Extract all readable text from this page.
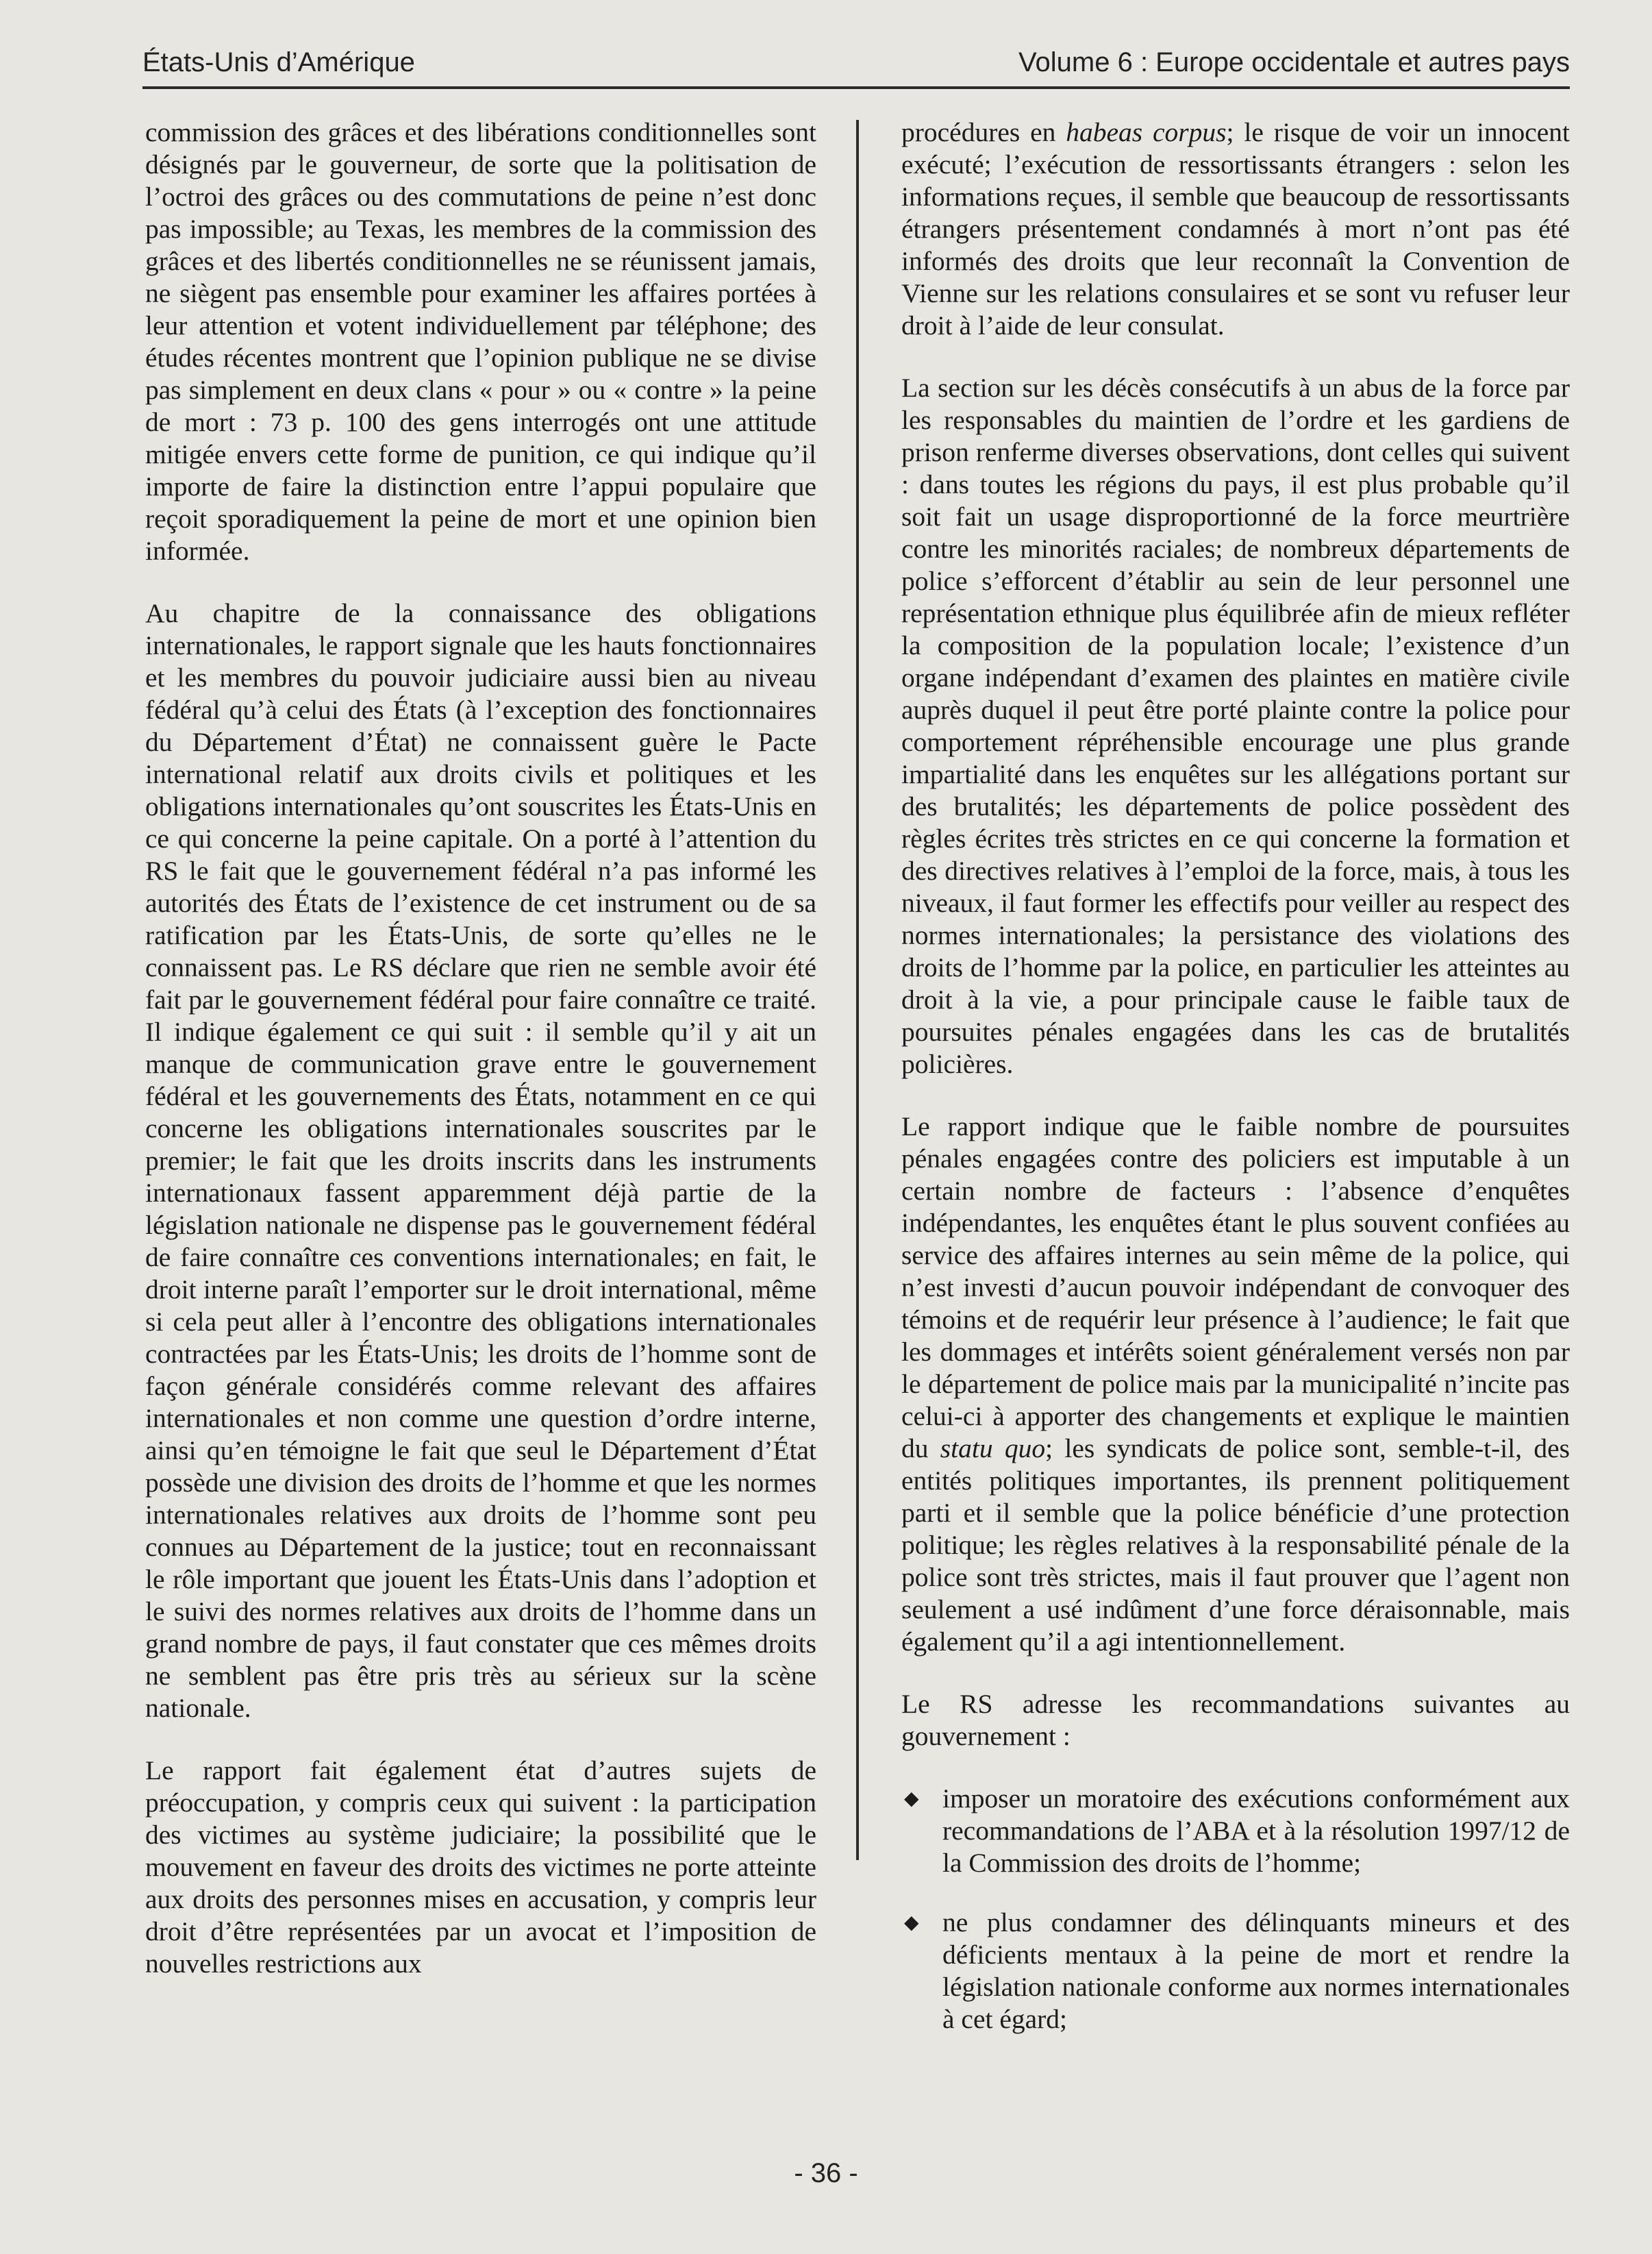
États-Unis d’Amérique	Volume 6 : Europe occidentale et autres pays

commission des grâces et des libérations conditionnelles sont désignés par le gouverneur, de sorte que la politisation de l’octroi des grâces ou des commutations de peine n’est donc pas impossible; au Texas, les membres de la commission des grâces et des libertés conditionnelles ne se réunissent jamais, ne siègent pas ensemble pour examiner les affaires portées à leur attention et votent individuellement par téléphone; des études récentes montrent que l’opinion publique ne se divise pas simplement en deux clans « pour » ou « contre » la peine de mort : 73 p. 100 des gens interrogés ont une attitude mitigée envers cette forme de punition, ce qui indique qu’il importe de faire la distinction entre l’appui populaire que reçoit sporadiquement la peine de mort et une opinion bien informée.

Au chapitre de la connaissance des obligations internationales, le rapport signale que les hauts fonctionnaires et les membres du pouvoir judiciaire aussi bien au niveau fédéral qu’à celui des États (à l’exception des fonctionnaires du Département d’État) ne connaissent guère le Pacte international relatif aux droits civils et politiques et les obligations internationales qu’ont souscrites les États-Unis en ce qui concerne la peine capitale. On a porté à l’attention du RS le fait que le gouvernement fédéral n’a pas informé les autorités des États de l’existence de cet instrument ou de sa ratification par les États-Unis, de sorte qu’elles ne le connaissent pas. Le RS déclare que rien ne semble avoir été fait par le gouvernement fédéral pour faire connaître ce traité. Il indique également ce qui suit : il semble qu’il y ait un manque de communication grave entre le gouvernement fédéral et les gouvernements des États, notamment en ce qui concerne les obligations internationales souscrites par le premier; le fait que les droits inscrits dans les instruments internationaux fassent apparemment déjà partie de la législation nationale ne dispense pas le gouvernement fédéral de faire connaître ces conventions internationales; en fait, le droit interne paraît l’emporter sur le droit international, même si cela peut aller à l’encontre des obligations internationales contractées par les États-Unis; les droits de l’homme sont de façon générale considérés comme relevant des affaires internationales et non comme une question d’ordre interne, ainsi qu’en témoigne le fait que seul le Département d’État possède une division des droits de l’homme et que les normes internationales relatives aux droits de l’homme sont peu connues au Département de la justice; tout en reconnaissant le rôle important que jouent les États-Unis dans l’adoption et le suivi des normes relatives aux droits de l’homme dans un grand nombre de pays, il faut constater que ces mêmes droits ne semblent pas être pris très au sérieux sur la scène nationale.

Le rapport fait également état d’autres sujets de préoccupation, y compris ceux qui suivent : la participation des victimes au système judiciaire; la possibilité que le mouvement en faveur des droits des victimes ne porte atteinte aux droits des personnes mises en accusation, y compris leur droit d’être représentées par un avocat et l’imposition de nouvelles restrictions aux

procédures en habeas corpus; le risque de voir un innocent exécuté; l’exécution de ressortissants étrangers : selon les informations reçues, il semble que beaucoup de ressortissants étrangers présentement condamnés à mort n’ont pas été informés des droits que leur reconnaît la Convention de Vienne sur les relations consulaires et se sont vu refuser leur droit à l’aide de leur consulat.

La section sur les décès consécutifs à un abus de la force par les responsables du maintien de l’ordre et les gardiens de prison renferme diverses observations, dont celles qui suivent : dans toutes les régions du pays, il est plus probable qu’il soit fait un usage disproportionné de la force meurtrière contre les minorités raciales; de nombreux départements de police s’efforcent d’établir au sein de leur personnel une représentation ethnique plus équilibrée afin de mieux refléter la composition de la population locale; l’existence d’un organe indépendant d’examen des plaintes en matière civile auprès duquel il peut être porté plainte contre la police pour comportement répréhensible encourage une plus grande impartialité dans les enquêtes sur les allégations portant sur des brutalités; les départements de police possèdent des règles écrites très strictes en ce qui concerne la formation et des directives relatives à l’emploi de la force, mais, à tous les niveaux, il faut former les effectifs pour veiller au respect des normes internationales; la persistance des violations des droits de l’homme par la police, en particulier les atteintes au droit à la vie, a pour principale cause le faible taux de poursuites pénales engagées dans les cas de brutalités policières.

Le rapport indique que le faible nombre de poursuites pénales engagées contre des policiers est imputable à un certain nombre de facteurs : l’absence d’enquêtes indépendantes, les enquêtes étant le plus souvent confiées au service des affaires internes au sein même de la police, qui n’est investi d’aucun pouvoir indépendant de convoquer des témoins et de requérir leur présence à l’audience; le fait que les dommages et intérêts soient généralement versés non par le département de police mais par la municipalité n’incite pas celui-ci à apporter des changements et explique le maintien du statu quo; les syndicats de police sont, semble-t-il, des entités politiques importantes, ils prennent politiquement parti et il semble que la police bénéficie d’une protection politique; les règles relatives à la responsabilité pénale de la police sont très strictes, mais il faut prouver que l’agent non seulement a usé indûment d’une force déraisonnable, mais également qu’il a agi intentionnellement.

Le RS adresse les recommandations suivantes au gouvernement :

◆ imposer un moratoire des exécutions conformément aux recommandations de l’ABA et à la résolution 1997/12 de la Commission des droits de l’homme;
◆ ne plus condamner des délinquants mineurs et des déficients mentaux à la peine de mort et rendre la législation nationale conforme aux normes internationales à cet égard;
- 36 -
